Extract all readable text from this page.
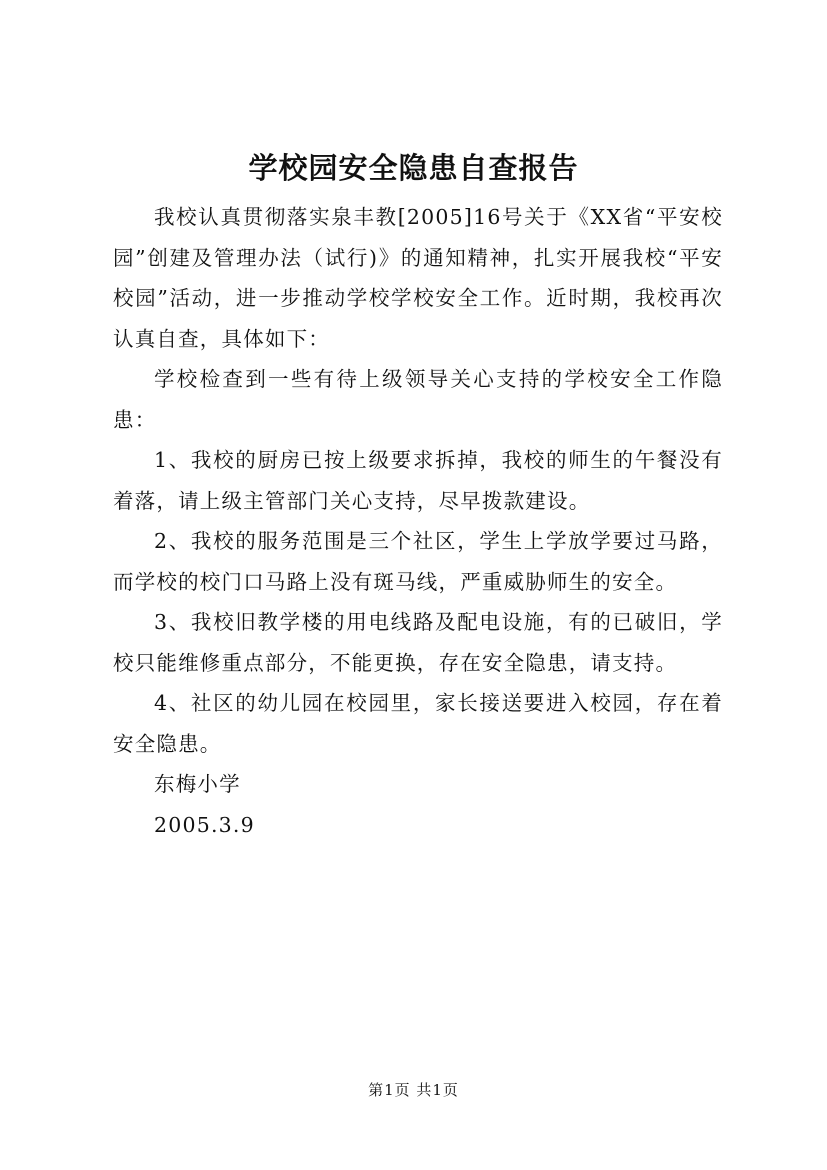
学校园安全隐患自查报告

我校认真贯彻落实泉丰教[2005]16号关于《XX省“平安校园”创建及管理办法（试行)》的通知精神，扎实开展我校“平安校园”活动，进一步推动学校学校安全工作。近时期，我校再次认真自查，具体如下：

学校检查到一些有待上级领导关心支持的学校安全工作隐患：

1、我校的厨房已按上级要求拆掉，我校的师生的午餐没有着落，请上级主管部门关心支持，尽早拨款建设。

2、我校的服务范围是三个社区，学生上学放学要过马路，而学校的校门口马路上没有斑马线，严重威胁师生的安全。

3、我校旧教学楼的用电线路及配电设施，有的已破旧，学校只能维修重点部分，不能更换，存在安全隐患，请支持。

4、社区的幼儿园在校园里，家长接送要进入校园，存在着安全隐患。

东梅小学

2005.3.9

第1页 共1页
